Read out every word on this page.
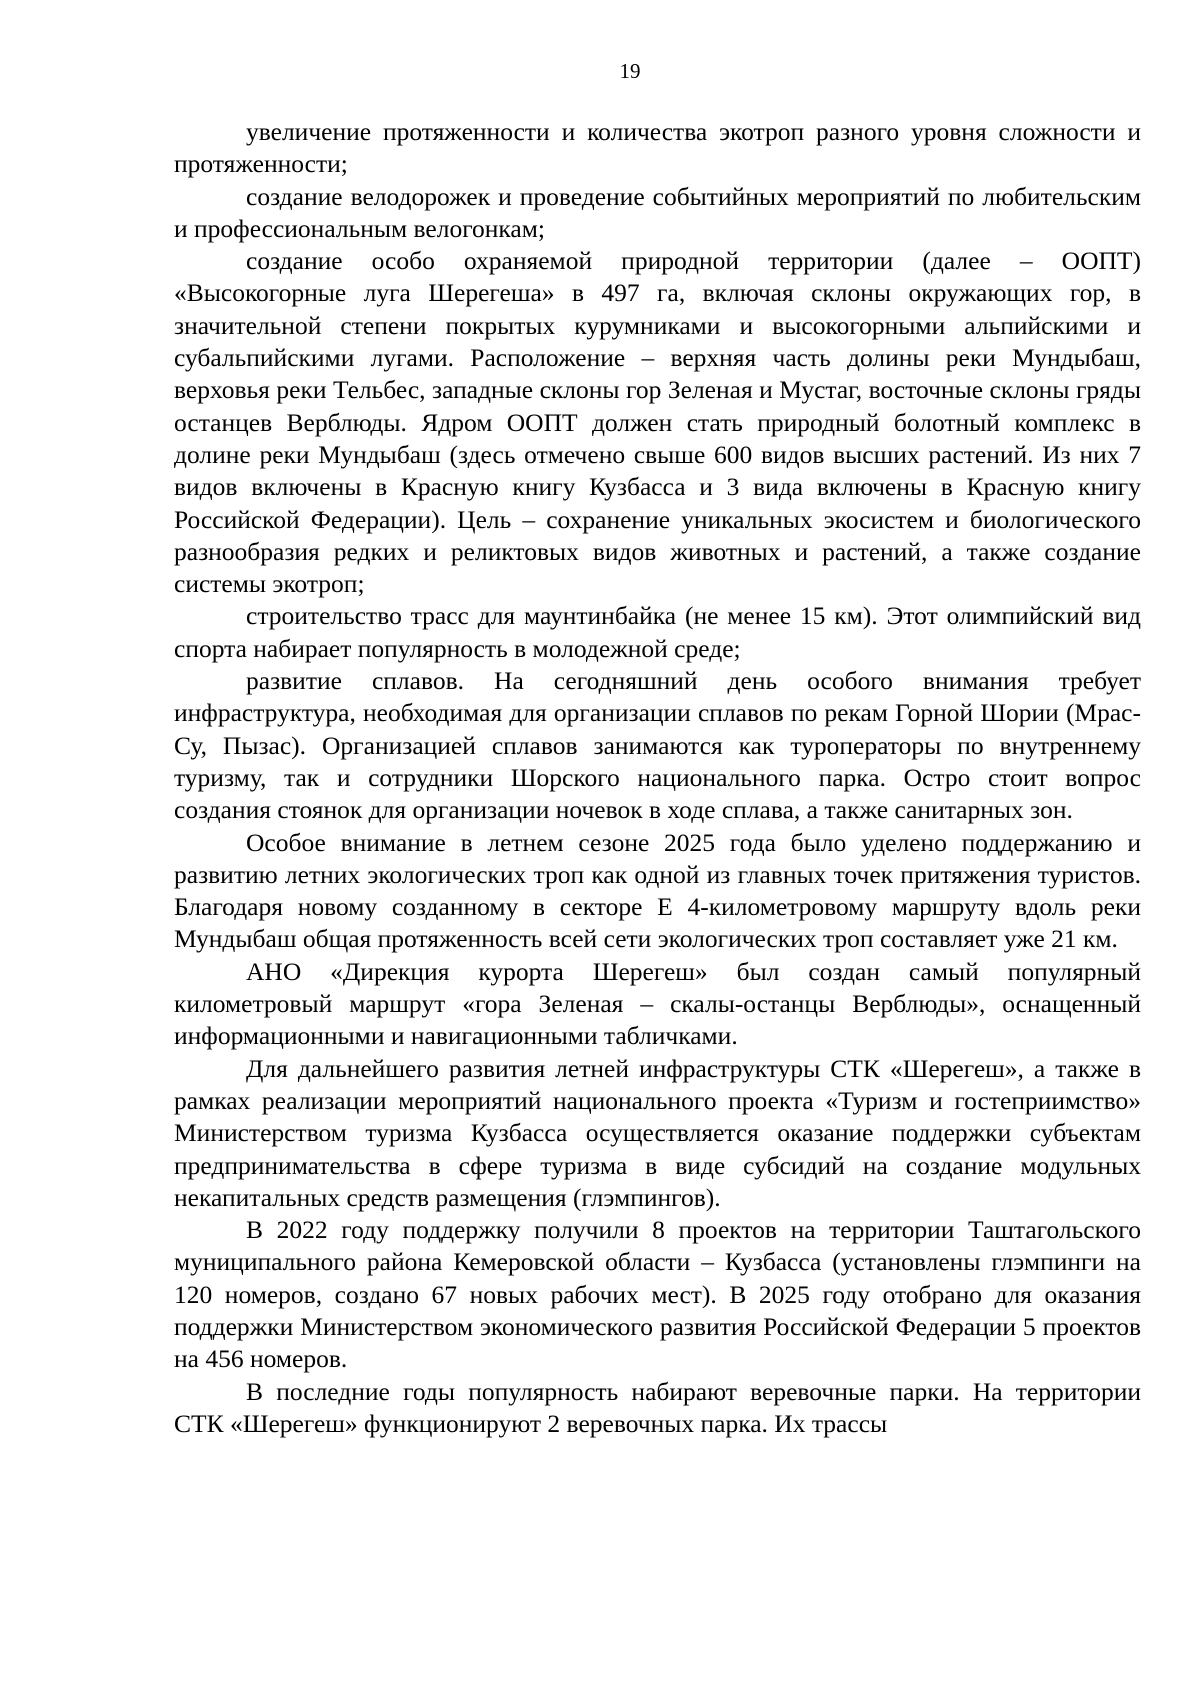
19

увеличение протяженности и количества экотроп разного уровня сложности и протяженности;

создание велодорожек и проведение событийных мероприятий по любительским и профессиональным велогонкам;

создание особо охраняемой природной территории (далее – ООПТ) «Высокогорные луга Шерегеша» в 497 га, включая склоны окружающих гор, в значительной степени покрытых курумниками и высокогорными альпийскими и субальпийскими лугами. Расположение – верхняя часть долины реки Мундыбаш, верховья реки Тельбес, западные склоны гор Зеленая и Мустаг, восточные склоны гряды останцев Верблюды. Ядром ООПТ должен стать природный болотный комплекс в долине реки Мундыбаш (здесь отмечено свыше 600 видов высших растений. Из них 7 видов включены в Красную книгу Кузбасса и 3 вида включены в Красную книгу Российской Федерации). Цель – сохранение уникальных экосистем и биологического разнообразия редких и реликтовых видов животных и растений, а также создание системы экотроп;

строительство трасс для маунтинбайка (не менее 15 км). Этот олимпийский вид спорта набирает популярность в молодежной среде;

развитие сплавов. На сегодняшний день особого внимания требует инфраструктура, необходимая для организации сплавов по рекам Горной Шории (Мрас-Су, Пызас). Организацией сплавов занимаются как туроператоры по внутреннему туризму, так и сотрудники Шорского национального парка. Остро стоит вопрос создания стоянок для организации ночевок в ходе сплава, а также санитарных зон.

Особое внимание в летнем сезоне 2025 года было уделено поддержанию и развитию летних экологических троп как одной из главных точек притяжения туристов. Благодаря новому созданному в секторе Е 4-километровому маршруту вдоль реки Мундыбаш общая протяженность всей сети экологических троп составляет уже 21 км.

АНО «Дирекция курорта Шерегеш» был создан самый популярный километровый маршрут «гора Зеленая – скалы-останцы Верблюды», оснащенный информационными и навигационными табличками.

Для дальнейшего развития летней инфраструктуры СТК «Шерегеш», а также в рамках реализации мероприятий национального проекта «Туризм и гостеприимство» Министерством туризма Кузбасса осуществляется оказание поддержки субъектам предпринимательства в сфере туризма в виде субсидий на создание модульных некапитальных средств размещения (глэмпингов).

В 2022 году поддержку получили 8 проектов на территории Таштагольского муниципального района Кемеровской области – Кузбасса (установлены глэмпинги на 120 номеров, создано 67 новых рабочих мест). В 2025 году отобрано для оказания поддержки Министерством экономического развития Российской Федерации 5 проектов на 456 номеров.

В последние годы популярность набирают веревочные парки. На территории СТК «Шерегеш» функционируют 2 веревочных парка. Их трассы
